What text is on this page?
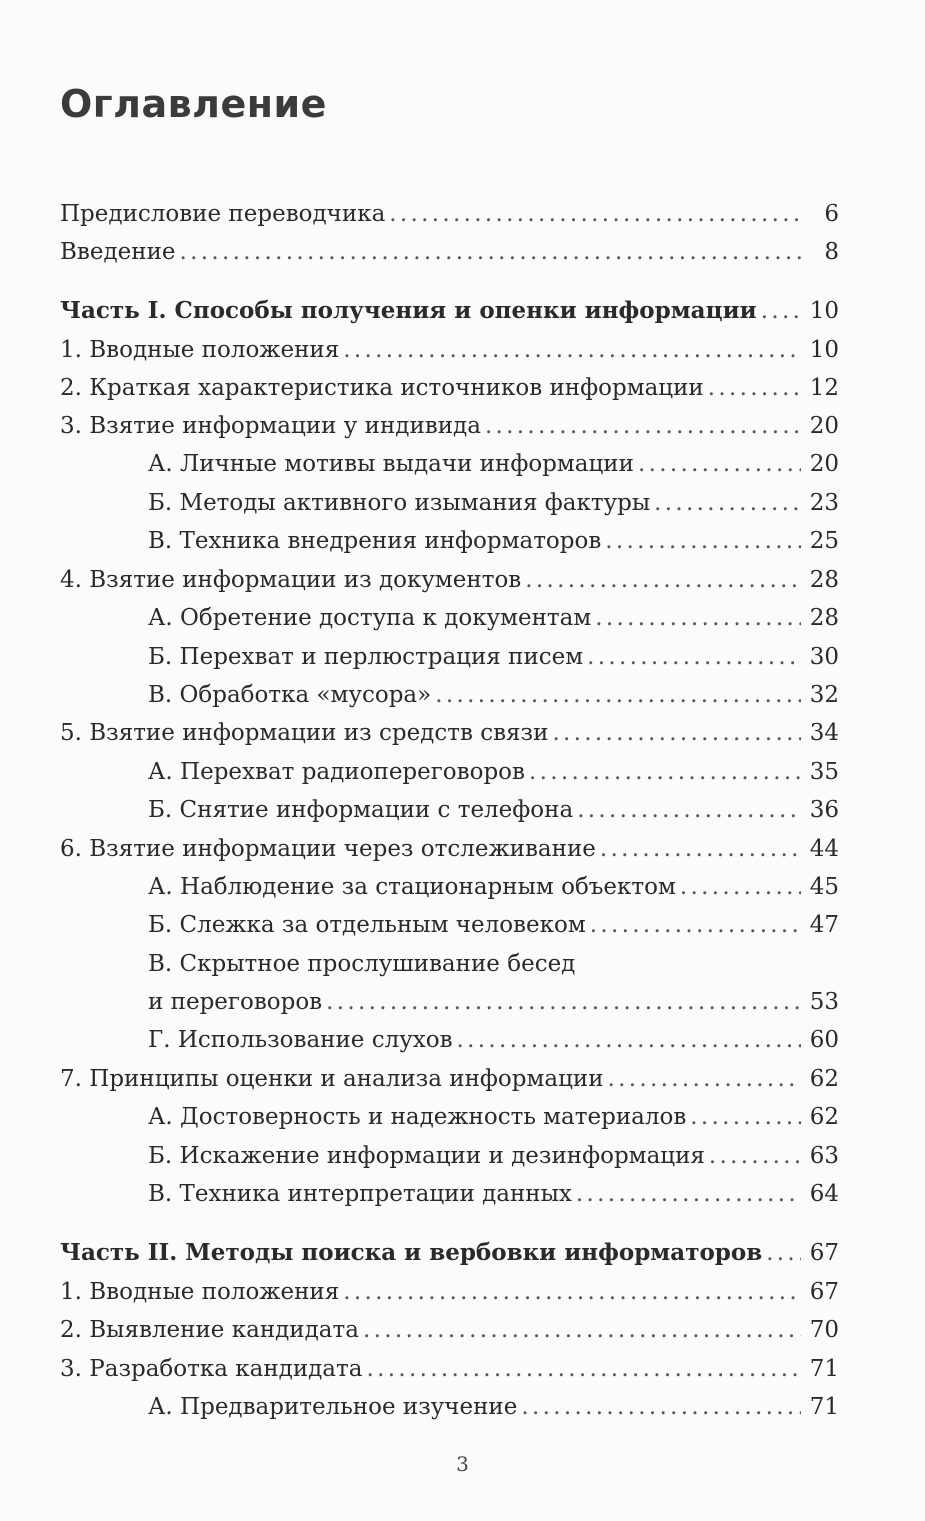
Оглавление
Предисловие переводчика . . .	6
Введение . . .	8
Часть I. Способы получения и опенки информации . . .	10
1. Вводные положения . . .	10
2. Краткая характеристика источников информации . . .	12
3. Взятие информации у индивида . . .	20
А. Личные мотивы выдачи информации . . .	20
Б. Методы активного изымания фактуры . . .	23
В. Техника внедрения информаторов . . .	25
4. Взятие информации из документов . . .	28
А. Обретение доступа к документам . . .	28
Б. Перехват и перлюстрация писем . . .	30
В. Обработка «мусора» . . .	32
5. Взятие информации из средств связи . . .	34
А. Перехват радиопереговоров . . .	35
Б. Снятие информации с телефона . . .	36
6. Взятие информации через отслеживание . . .	44
А. Наблюдение за стационарным объектом . . .	45
Б. Слежка за отдельным человеком . . .	47
В. Скрытное прослушивание бесед
и переговоров . . .	53
Г. Использование слухов . . .	60
7. Принципы оценки и анализа информации . . .	62
А. Достоверность и надежность материалов . . .	62
Б. Искажение информации и дезинформация . . .	63
В. Техника интерпретации данных . . .	64
Часть II. Методы поиска и вербовки информаторов . . .	67
1. Вводные положения . . .	67
2. Выявление кандидата . . .	70
3. Разработка кандидата . . .	71
А. Предварительное изучение . . .	71
3
